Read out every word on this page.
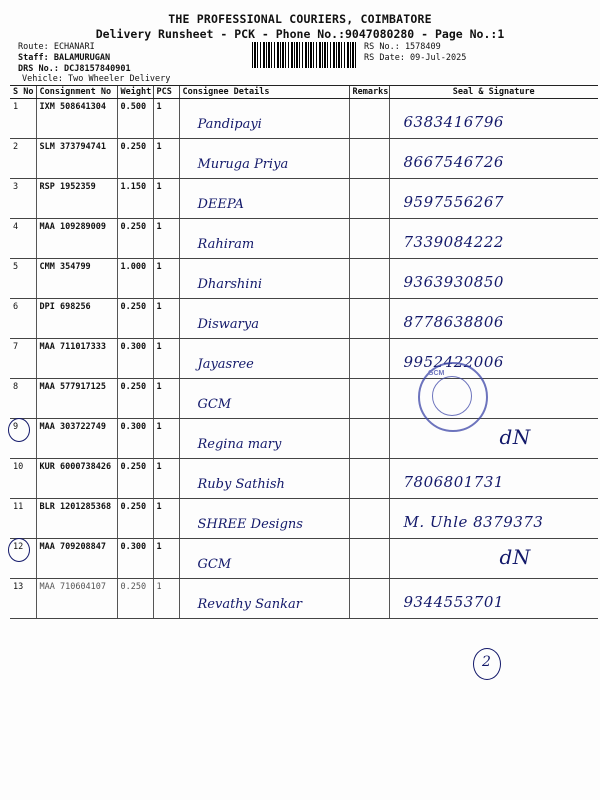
THE PROFESSIONAL COURIERS, COIMBATORE
Delivery Runsheet - PCK - Phone No.:9047080280 - Page No.:1
Route: ECHANARI
Staff: BALAMURUGAN
DRS No.: DCJ8157840901
Vehicle: Two Wheeler Delivery
RS No.: 1578409
RS Date: 09-Jul-2025
S No	Consignment No	Weight	PCS	Consignee Details	Remarks	Seal & Signature
1	IXM 508641304	0.500	1	Pandipayi		6383416796

2	SLM 373794741	0.250	1	Muruga Priya		8667546726

3	RSP 1952359	1.150	1	DEEPA		9597556267

4	MAA 109289009	0.250	1	Rahiram		7339084222

5	CMM 354799	1.000	1	Dharshini		9363930850

6	DPI 698256	0.250	1	Diswarya		8778638806

7	MAA 711017333	0.300	1	Jayasree		9952422006

8	MAA 577917125	0.250	1	GCM		

9	MAA 303722749	0.300	1	Regina mary		dN

10	KUR 6000738426	0.250	1	Ruby Sathish		7806801731

11	BLR 1201285368	0.250	1	SHREE Designs		M. Uhle 8379373

12	MAA 709208847	0.300	1	GCM		dN

13	MAA 710604107	0.250	1	Revathy Sankar		9344553701
GCM
2
